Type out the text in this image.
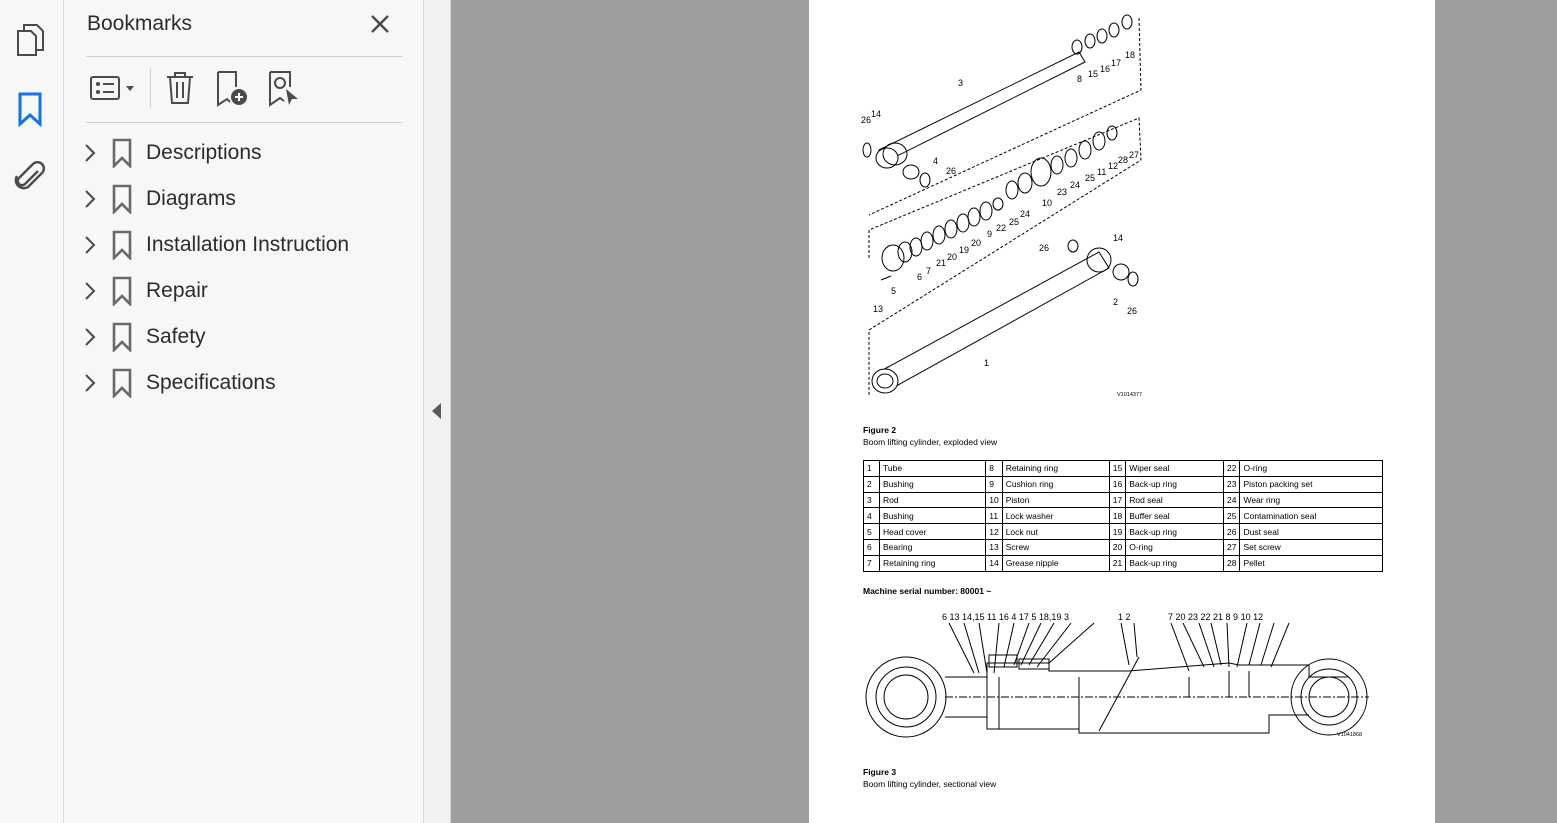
Bookmarks
Descriptions
Diagrams
Installation Instruction
Repair
Safety
Specifications
3
14
26
4
26
8 15 16
17
18
10
23
24
25
11
12
28 27
6
7
21
20
19
20
9
22
25
24
5
13
26
14
2
26
1
V1014377
Figure 2
Boom lifting cylinder, exploded view
1	Tube	8	Retaining ring	15	Wiper seal	22	O-ring
2	Bushing	9	Cushion ring	16	Back-up ring	23	Piston packing set
3	Rod	10	Piston	17	Rod seal	24	Wear ring
4	Bushing	11	Lock washer	18	Buffer seal	25	Contamination seal
5	Head cover	12	Lock nut	19	Back-up ring	26	Dust seal
6	Bearing	13	Screw	20	O-ring	27	Set screw
7	Retaining ring	14	Grease nipple	21	Back-up ring	28	Pellet
Machine serial number: 80001 ~
6 13 14,15 11 16 4 17 5 18,19 3	1 2	7 20 23 22 21 8 9 10 12
V1041868
Figure 3
Boom lifting cylinder, sectional view
